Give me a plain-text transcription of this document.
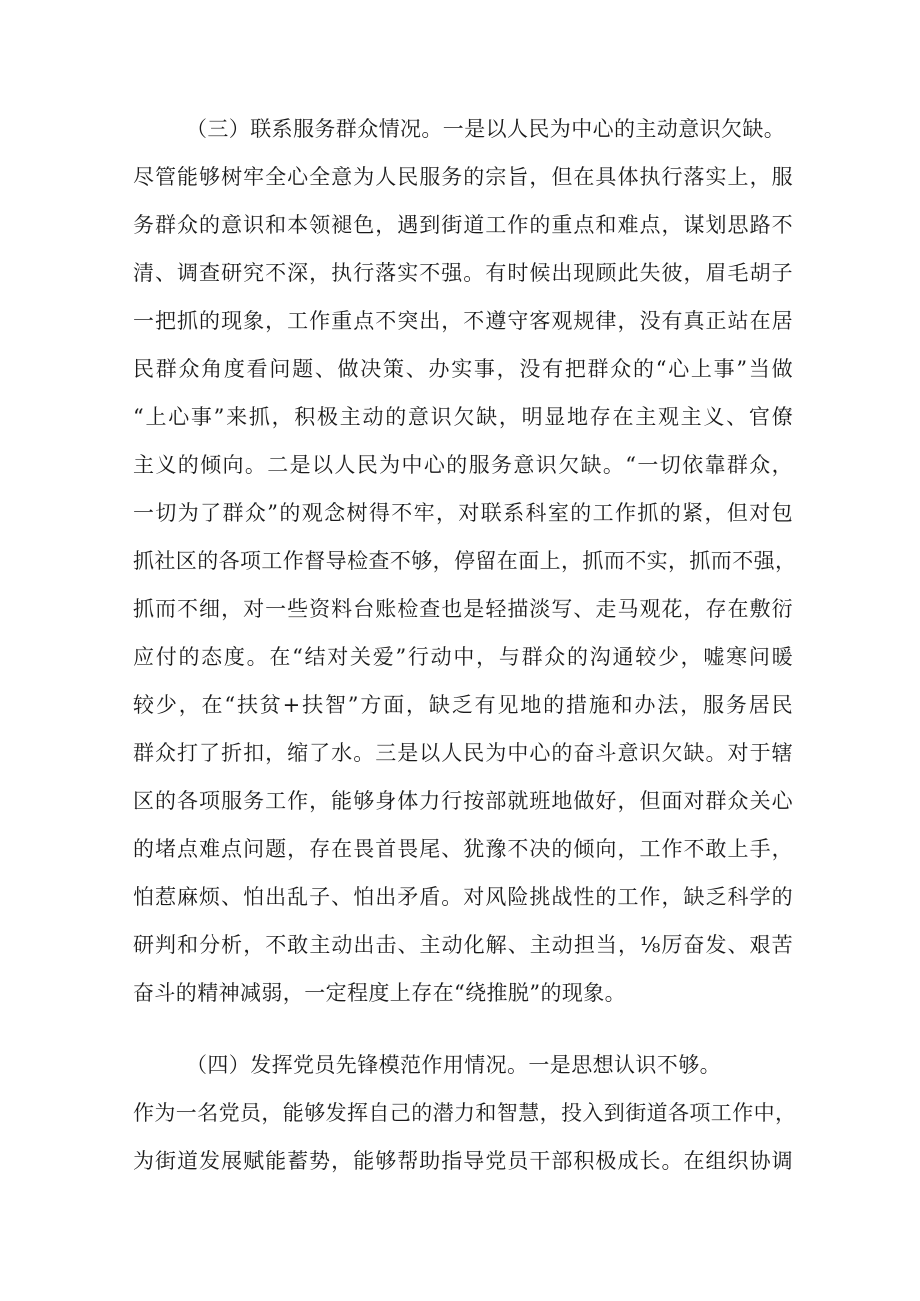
（三）联系服务群众情况。一是以人民为中心的主动意识欠缺。
尽管能够树牢全心全意为人民服务的宗旨，但在具体执行落实上，服
务群众的意识和本领褪色，遇到街道工作的重点和难点，谋划思路不
清、调查研究不深，执行落实不强。有时候出现顾此失彼，眉毛胡子
一把抓的现象，工作重点不突出，不遵守客观规律，没有真正站在居
民群众角度看问题、做决策、办实事，没有把群众的“心上事”当做
“上心事”来抓，积极主动的意识欠缺，明显地存在主观主义、官僚
主义的倾向。二是以人民为中心的服务意识欠缺。“一切依靠群众，
一切为了群众”的观念树得不牢，对联系科室的工作抓的紧，但对包
抓社区的各项工作督导检查不够，停留在面上，抓而不实，抓而不强，
抓而不细，对一些资料台账检查也是轻描淡写、走马观花，存在敷衍
应付的态度。在“结对关爱”行动中，与群众的沟通较少，嘘寒问暖
较少，在“扶贫+扶智”方面，缺乏有见地的措施和办法，服务居民
群众打了折扣，缩了水。三是以人民为中心的奋斗意识欠缺。对于辖
区的各项服务工作，能够身体力行按部就班地做好，但面对群众关心
的堵点难点问题，存在畏首畏尾、犹豫不决的倾向，工作不敢上手，
怕惹麻烦、怕出乱子、怕出矛盾。对风险挑战性的工作，缺乏科学的
研判和分析，不敢主动出击、主动化解、主动担当，⅛厉奋发、艰苦
奋斗的精神减弱，一定程度上存在“绕推脱”的现象。
（四）发挥党员先锋模范作用情况。一是思想认识不够。
作为一名党员，能够发挥自己的潜力和智慧，投入到街道各项工作中，
为街道发展赋能蓄势，能够帮助指导党员干部积极成长。在组织协调
